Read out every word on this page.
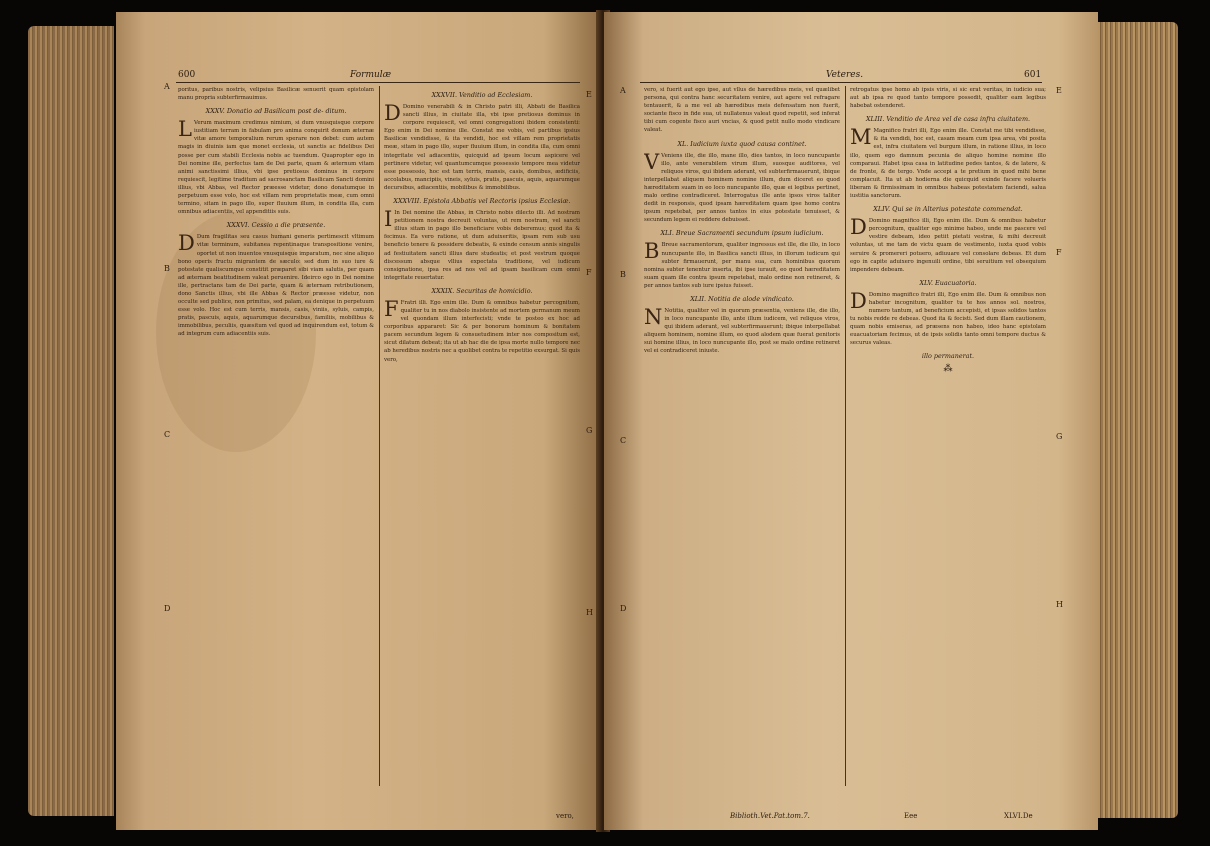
600	Formulæ
A
B
C
D
E
F
G
H

poritus, paribus nostris, velipsius Basilicæ senuerit quam epistolam manu propria subterfirmauimus.

XXXV. Donatio ad Basilicam post de- ditum.

L Verum maximum credimus nimium, si dum vnusquisque corpore iustitiam terram in fabulam pro anima conquirit donum æternæ vitæ amore temporalium rerum sperare non debet: cum autem magis in diuinis iam que monet ecclesia, ut sanctis ac fidelibus Dei posse per cum stabili Ecclesia nobis ac tuendum. Quapropter ego in Dei nomine ille, perfectus tam de Dei parte, quam & æternum vitam animi sanctissimi illius, vbi ipse pretiosus dominus in corpore requiescit, legitime traditum ad sacrosanctam Basilicam Sancti domini illius, vbi Abbas, vel Rector præesse videtur, dono donatumque in perpetuum esse volo, hoc est villam rem proprietatis meæ, cum omni termino, sitam in pago illo, super fluuium illum, in condita illa, cum omnibus adiacentiis, vel appenditiis suis.

XXXVI. Cessio a die præsente.

D Dum fragilitas seu casus humani generis pertimescit vltimum vitæ terminum, subitanea repentinaque transpositione venire, oportet ut non inuentos vnusquisque imparatum, nec sine aliquo bono operis fructu migrantem de sæculo: sed dum in suo iure & potestate qualiscumque constitit præparet sibi viam salutis, per quam ad æternam beatitudinem valeat peruenire. Ideirco ego in Dei nomine ille, pertractans tam de Dei parte, quam & æternam retributionem, dono Sanctis illius, vbi ille Abbas & Rector præesse videtur, non occulte sed publice, non primitus, sed palam, ea denique in perpetuum esse volo. Hoc est cum terris, mansis, casis, viniis, syluis, campis, pratis, pascuis, aquis, aquarumque decursibus, familiis, mobilibus & immobilibus, peculiis, quæsitum vel quod ad inquirendum est, totum & ad integrum cum adiacentiis suis.

XXXVII. Venditio ad Ecclesiam.

D Domino venerabili & in Christo patri illi, Abbati de Basilica sancti illius, in ciuitate illa, vbi ipse pretiosus dominus in corpore requiescit, vel omni congregationi ibidem consistenti: Ego enim in Dei nomine ille. Constat me vobis, vel partibus ipsius Basilicæ vendidisse, & ita vendidi, hoc est villam rem proprietatis meæ, sitam in pago illo, super fluuium illum, in condita illa, cum omni integritate vel adiacentiis, quicquid ad ipsum locum aspicere vel pertinere videtur, vel quantumcumque possessio tempore mea videtur esse possessio, hoc est tam terris, mansis, casis, domibus, ædificiis, accolabus, mancipiis, vineis, syluis, pratis, pascuis, aquis, aquarumque decursibus, adiacentiis, mobilibus & immobilibus.

XXXVIII. Epistola Abbatis vel Rectoris ipsius Ecclesiæ.

I In Dei nomine ille Abbas, in Christo nobis dilecto illi. Ad nostram petitionem nostra decreuit voluntas, ut rem nostram, vel sancti illius sitam in pago illo beneficiare vobis deberemus; quod ita & fecimus. Ea vero ratione, ut dum aduixeritis, ipsam rem sub usu beneficio tenere & possidere debeatis, & exinde censum annis singulis ad festiuitatem sancti illius dare studeatis; et post vestrum quoque discessum absque vllius expectata traditione, vel iudicum consignatione, ipsa res ad nos vel ad ipsam basilicam cum omni integritate reuertatur.

XXXIX. Securitas de homicidio.

F Fratri illi. Ego enim ille. Dum & omnibus habetur percognitum, qualiter tu in nos diabolo insistente ad mortem germanum meum vel quondam illum interfecisti; vnde te posteo ex hoc ad corporibus appararet: Sic & per bonorum hominum & bonitatem pacem secundum legem & consuetudinem inter nos compositum est, sicut dilatum debeat; ita ut ab hac die de ipsa morte nullo tempore nec ab heredibus nostris nec a quolibet contra te repetitio exsurgat. Si quis vero,

vero,
Veteres.	601
A
B
C
D
E
F
G
H

vero, si fuerit aut ego ipse, aut vllus de hæredibus meis, vel quælibet persona, qui contra hanc securitatem venire, aut agere vel refragare tentauerit, & a me vel ab hæredibus meis defensatum non fuerit, sociante fisco in fide sua, ut nullatenus valeat quod repetit, sed inferat tibi cum cogente fisco auri vncias, & quod petit nullo modo vindicare valeat.

XL. Iudicium iuxta quod causa continet.

V Veniens ille, die illo, mane illo, dies tantos, in loco nuncupante illo, ante venerabilem virum illum, suosque auditores, vel reliquos viros, qui ibidem aderant, vel subterfirmauerunt, ibique interpellabat aliquem hominem nomine illum, dum diceret eo quod hæreditatem suam in eo loco nuncupante illo, quæ ei legibus pertinet, malo ordine contradiceret. Interrogatus ille ante ipsos viros taliter dedit in responsis, quod ipsam hæreditatem quam ipse homo contra ipsum repetebat, per annos tantos in eius potestate tenuisset, & secundum legem ei reddere debuisset.

XLI. Breue Sacramenti secundum ipsum iudicium.

B Breue sacramentorum, qualiter ingressus est ille, die illo, in loco nuncupante illo, in Basilica sancti illius, in illorum iudicum qui subter firmauerunt, per manu sua, cum hominibus quorum nomina subter tenentur inserta, ibi ipse iurauit, eo quod hæreditatem suam quam ille contra ipsum repetebat, malo ordine non retineret, & per annos tantos sub iure ipsius fuisset.

XLII. Notitia de alode vindicato.

N Notitia, qualiter vel in quorum præsentia, veniens ille, die illo, in loco nuncupante illo, ante illum iudicem, vel reliquos viros, qui ibidem aderant, vel subterfirmauerunt; ibique interpellabat aliquem hominem, nomine illum, eo quod alodem quæ fuerat genitoris sui homine illius, in loco nuncupante illo, post se malo ordine retineret vel ei contradiceret iniuste.

retrogatus ipse homo ab ipsis viris, si sic erat veritas, in iudicio sua; aut ab ipsa re quod tanto tempore possedit, qualiter eam legibus habebat ostenderet.

XLIII. Venditio de Area vel de casa infra ciuitatem.

M Magnifico fratri illi, Ego enim ille. Constat me tibi vendidisse, & ita vendidi, hoc est, casam meam cum ipsa area, vbi posita est, infra ciuitatem vel burgum illum, in ratione illius, in loco illo, quem ego damnum pecunia de aliquo homine nomine illo comparaui. Habet ipsa casa in latitudine pedes tantos, & de latere, & de fronte, & de tergo. Vnde accepi a te pretium in quod mihi bene complacuit. Ita ut ab hodierna die quicquid exinde facere volueris liberam & firmissimam in omnibus habeas potestatem faciendi, salua iustitia sanctorum.

XLIV. Qui se in Alterius potestate commendat.

D Domino magnifico illi, Ego enim ille. Dum & omnibus habetur percognitum, qualiter ego minime habeo, unde me pascere vel vestire debeam, ideo petiit pietati vestræ, & mihi decreuit voluntas, ut me tam de victu quam de vestimento, iuxta quod vobis seruire & promereri potuero, adiuuare vel consolare debeas. Et dum ego in capite aduixero ingenuili ordine, tibi seruitium vel obsequium impendere debeam.

XLV. Euacuatoria.

D Domino magnifico fratri illi, Ego enim ille. Dum & omnibus non habetur incognitum, qualiter tu te hos annos sol. nostros, numero tantum, ad beneficium accepisti, et ipsas solidos tantos tu nobis redde re debeas. Quod ita & fecisti. Sed dum illam cautionem, quam nobis emiseras, ad præsens non habeo, ideo hanc epistolam euacuatoriam fecimus, ut de ipsis solidis tanto omni tempore ductus & securus valeas.

illo permanerat.
⁂
Biblioth.Vet.Pat.tom.7.	Eee	XLVI.De
